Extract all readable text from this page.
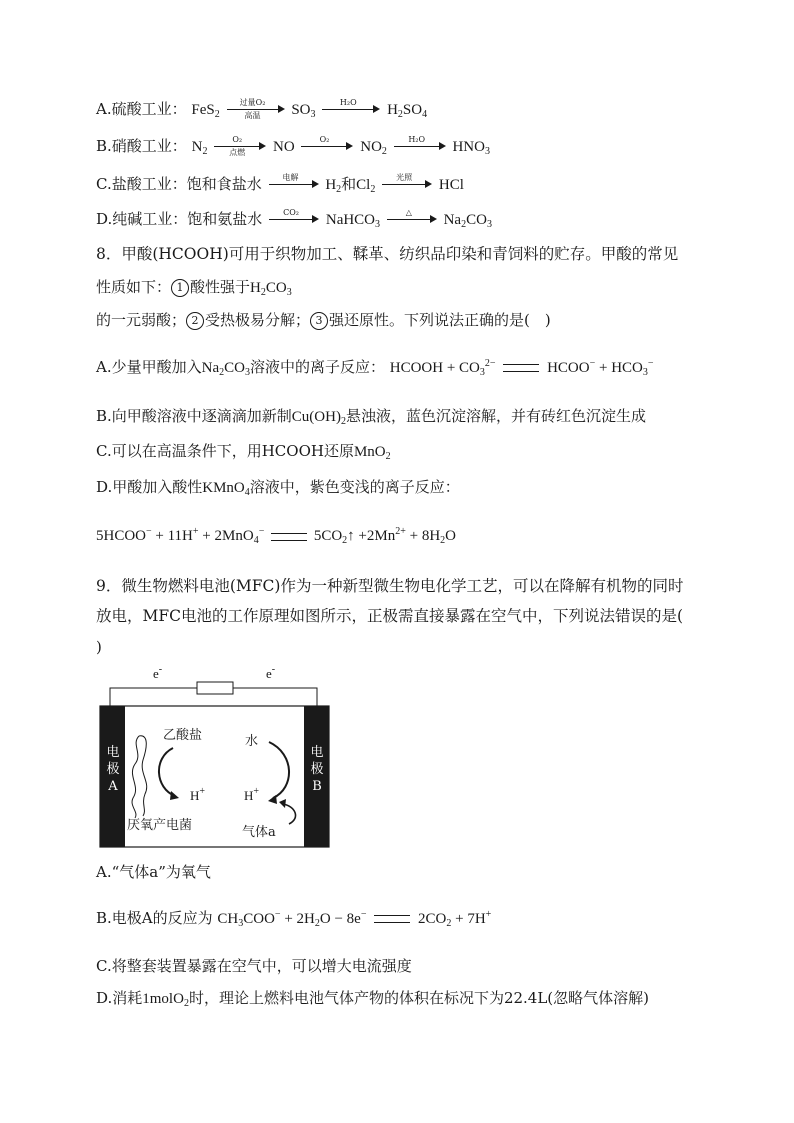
A.硫酸工业： FeS$_2$
过量O₂
高温	$SO_3$
H₂O	$H_2SO_4$
B.硝酸工业： $N_2$
O₂
点燃	NO	O₂	$NO_2$
H₂O	$HNO_3$
C.盐酸工业：饱和食盐水	电解	$H_2$和$Cl_2$
光照	HCl
D.纯碱工业：饱和氨盐水	CO₂	NaHCO$_3$
△	$Na_2CO_3$
8．甲酸(HCOOH)可用于织物加工、鞣革、纺织品印染和青饲料的贮存。甲酸的常见
性质如下： 1 酸性强于$H_2CO_3$
的一元弱酸； 2 受热极易分解； 3 强还原性。下列说法正确的是(　)
A.少量甲酸加入$Na_2CO_3$溶液中的离子反应： HCOOH + $CO_3^{2-}$	HCOO− + $HCO_3^-$
B.向甲酸溶液中逐滴滴加新制$Cu(OH)_2$悬浊液，蓝色沉淀溶解，并有砖红色沉淀生成
C.可以在高温条件下，用HCOOH还原MnO$_2$
D.甲酸加入酸性KMnO$_4$溶液中，紫色变浅的离子反应：
5HCOO− + 11H+ + 2MnO$_4$−	$5CO_2↑ +2Mn^{2+} + 8H_2O$
9．微生物燃料电池(MFC)作为一种新型微生物电化学工艺，可以在降解有机物的同时
放电，MFC电池的工作原理如图所示，正极需直接暴露在空气中，下列说法错误的是(
)
e-	e-
电
极
A
电
极
B
乙酸盐
H+
厌氧产电菌
水
H+
气体a
A.“气体a”为氧气
B.电极A的反应为 $CH_3COO^- + 2H_2O - 8e^-$	$2CO_2 + 7H^+$
C.将整套装置暴露在空气中，可以增大电流强度
D.消耗1molO$_2$时，理论上燃料电池气体产物的体积在标况下为22.4L(忽略气体溶解)
